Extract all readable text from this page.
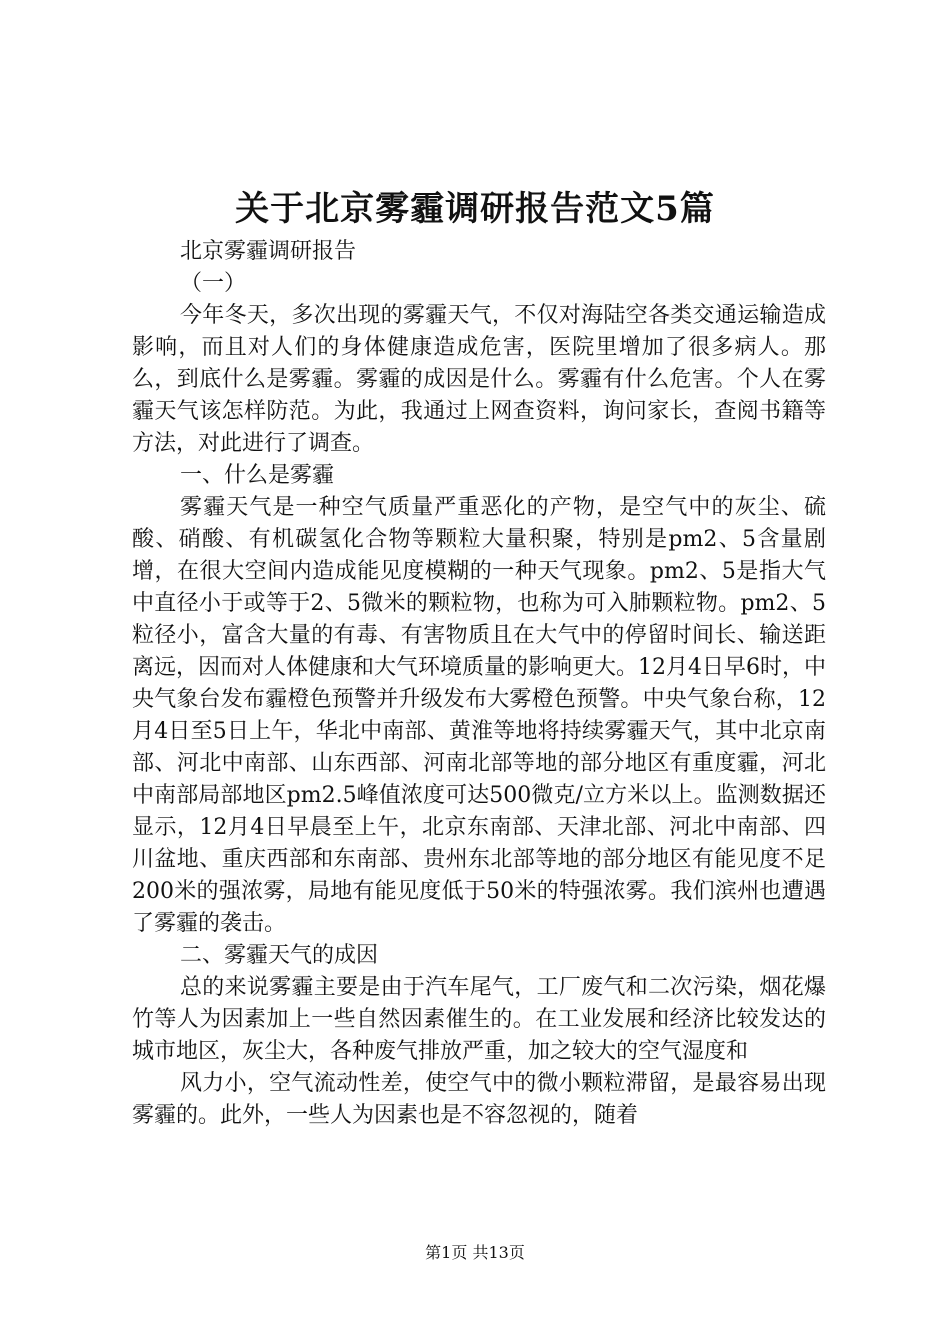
关于北京雾霾调研报告范文5篇

北京雾霾调研报告

（一）

今年冬天，多次出现的雾霾天气，不仅对海陆空各类交通运输造成影响，而且对人们的身体健康造成危害，医院里增加了很多病人。那么，到底什么是雾霾。雾霾的成因是什么。雾霾有什么危害。个人在雾霾天气该怎样防范。为此，我通过上网查资料，询问家长，查阅书籍等方法，对此进行了调查。

一、什么是雾霾

雾霾天气是一种空气质量严重恶化的产物，是空气中的灰尘、硫酸、硝酸、有机碳氢化合物等颗粒大量积聚，特别是pm2、5含量剧增，在很大空间内造成能见度模糊的一种天气现象。pm2、5是指大气中直径小于或等于2、5微米的颗粒物，也称为可入肺颗粒物。pm2、5粒径小，富含大量的有毒、有害物质且在大气中的停留时间长、输送距离远，因而对人体健康和大气环境质量的影响更大。12月4日早6时，中央气象台发布霾橙色预警并升级发布大雾橙色预警。中央气象台称，12月4日至5日上午，华北中南部、黄淮等地将持续雾霾天气，其中北京南部、河北中南部、山东西部、河南北部等地的部分地区有重度霾，河北中南部局部地区pm2.5峰值浓度可达500微克/立方米以上。监测数据还显示，12月4日早晨至上午，北京东南部、天津北部、河北中南部、四川盆地、重庆西部和东南部、贵州东北部等地的部分地区有能见度不足200米的强浓雾，局地有能见度低于50米的特强浓雾。我们滨州也遭遇了雾霾的袭击。

二、雾霾天气的成因

总的来说雾霾主要是由于汽车尾气，工厂废气和二次污染，烟花爆竹等人为因素加上一些自然因素催生的。在工业发展和经济比较发达的城市地区，灰尘大，各种废气排放严重，加之较大的空气湿度和

风力小，空气流动性差，使空气中的微小颗粒滞留，是最容易出现雾霾的。此外，一些人为因素也是不容忽视的，随着

第1页 共13页
